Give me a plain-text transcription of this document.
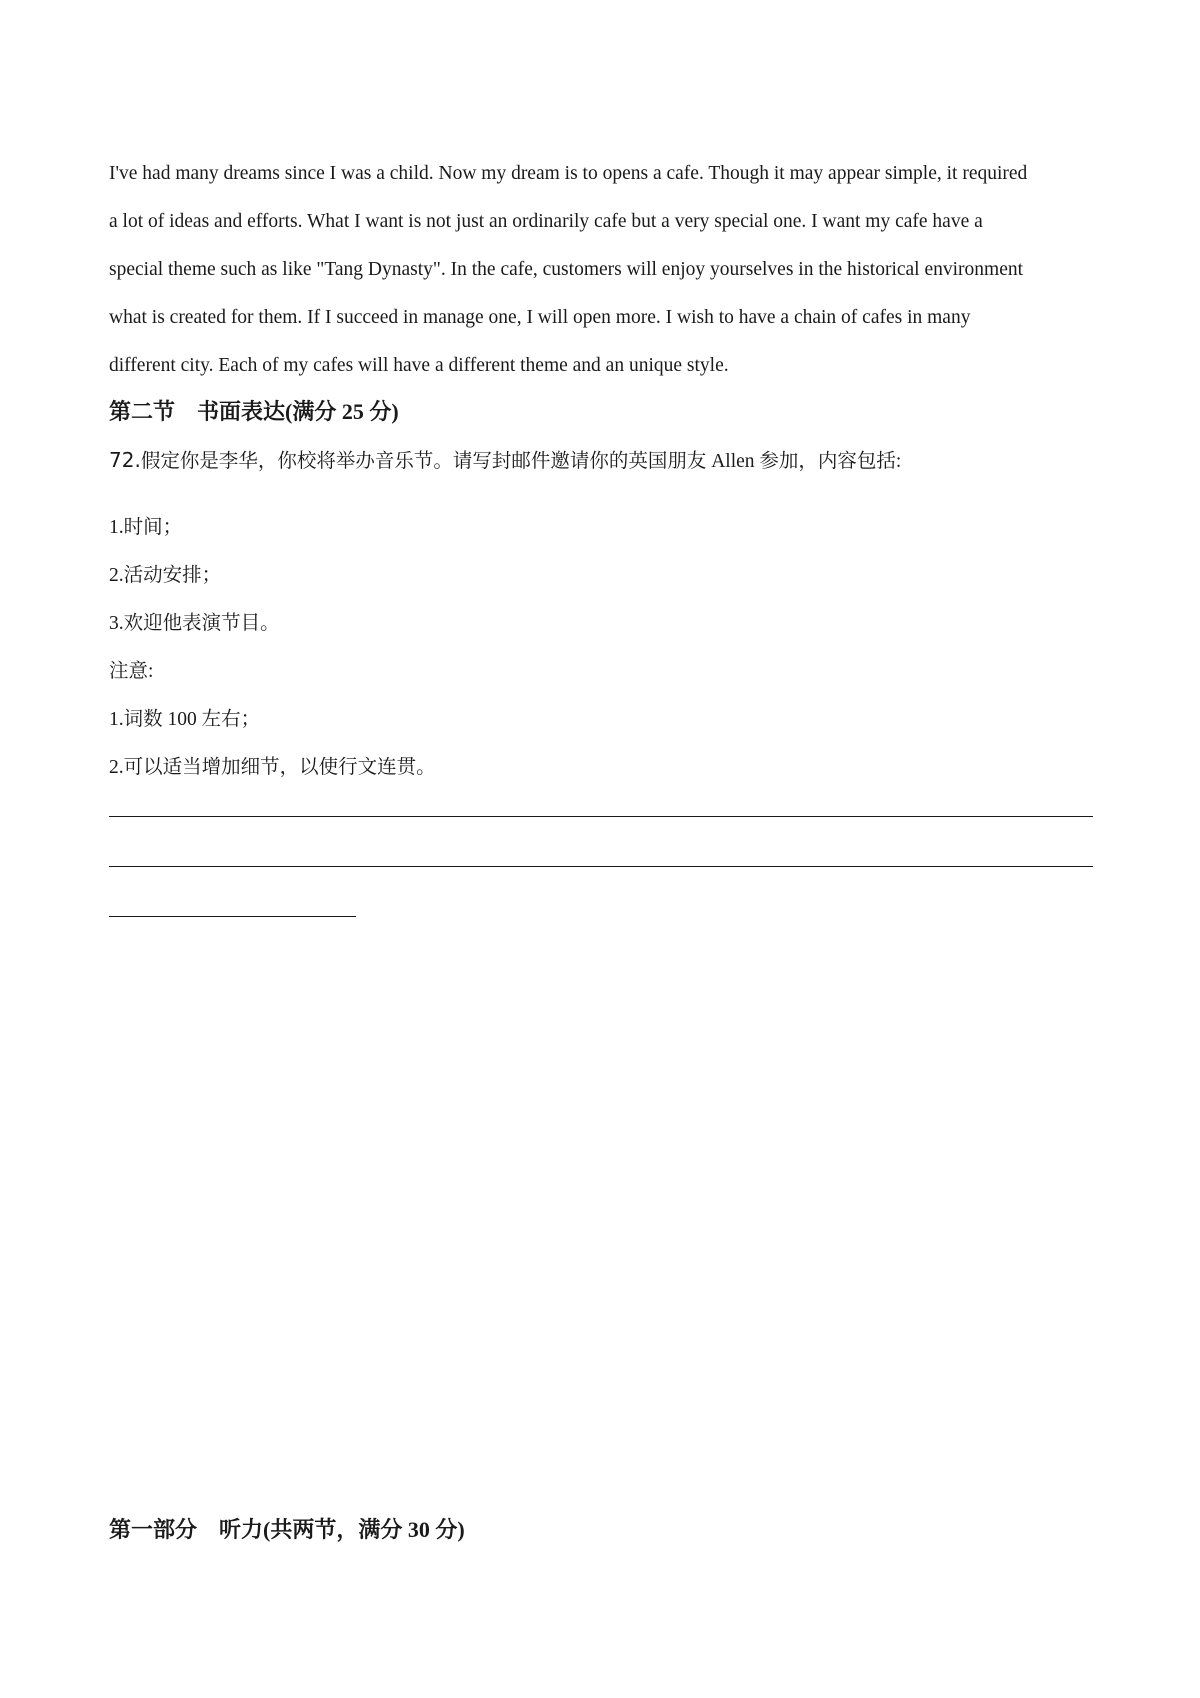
I've had many dreams since I was a child. Now my dream is to opens a cafe. Though it may appear simple, it required
a lot of ideas and efforts. What I want is not just an ordinarily cafe but a very special one. I want my cafe have a
special theme such as like "Tang Dynasty". In the cafe, customers will enjoy yourselves in the historical environment
what is created for them. If I succeed in manage one, I will open more. I wish to have a chain of cafes in many
different city. Each of my cafes will have a different theme and an unique style.
第二节　书面表达(满分 25 分)
72.假定你是李华，你校将举办音乐节。请写封邮件邀请你的英国朋友 Allen 参加，内容包括:
1.时间；
2.活动安排；
3.欢迎他表演节目。
注意:
1.词数 100 左右；
2.可以适当增加细节，以使行文连贯。
第一部分　听力(共两节，满分 30 分)
